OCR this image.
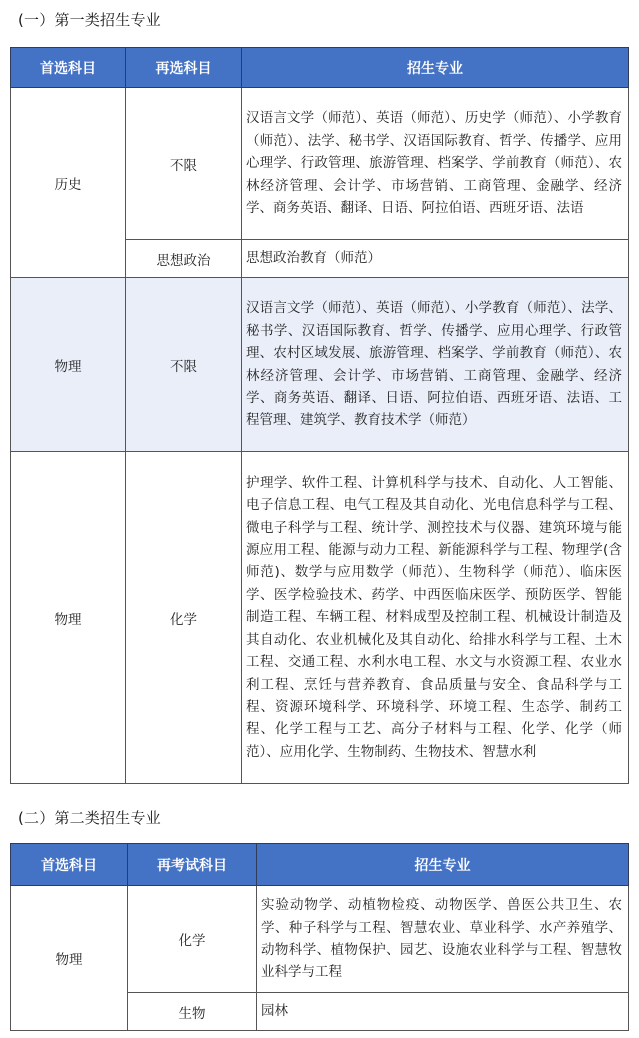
(一）第一类招生专业
首选科目	再选科目	招生专业
历史	不限	汉语言文学（师范）、英语（师范）、历史学（师范）、小学教育（师范）、法学、秘书学、汉语国际教育、哲学、传播学、应用心理学、行政管理、旅游管理、档案学、学前教育（师范）、农林经济管理、会计学、市场营销、工商管理、金融学、经济学、商务英语、翻译、日语、阿拉伯语、西班牙语、法语
	思想政治	思想政治教育（师范）
物理	不限	汉语言文学（师范）、英语（师范）、小学教育（师范）、法学、秘书学、汉语国际教育、哲学、传播学、应用心理学、行政管理、农村区域发展、旅游管理、档案学、学前教育（师范）、农林经济管理、会计学、市场营销、工商管理、金融学、经济学、商务英语、翻译、日语、阿拉伯语、西班牙语、法语、工程管理、建筑学、教育技术学（师范）
物理	化学	护理学、软件工程、计算机科学与技术、自动化、人工智能、电子信息工程、电气工程及其自动化、光电信息科学与工程、微电子科学与工程、统计学、测控技术与仪器、建筑环境与能源应用工程、能源与动力工程、新能源科学与工程、物理学(含师范)、数学与应用数学（师范）、生物科学（师范）、临床医学、医学检验技术、药学、中西医临床医学、预防医学、智能制造工程、车辆工程、材料成型及控制工程、机械设计制造及其自动化、农业机械化及其自动化、给排水科学与工程、土木工程、交通工程、水利水电工程、水文与水资源工程、农业水利工程、烹饪与营养教育、食品质量与安全、食品科学与工程、资源环境科学、环境科学、环境工程、生态学、制药工程、化学工程与工艺、高分子材料与工程、化学、化学（师范）、应用化学、生物制药、生物技术、智慧水利
(二）第二类招生专业
首选科目	再考试科目	招生专业
物理	化学	实验动物学、动植物检疫、动物医学、兽医公共卫生、农学、种子科学与工程、智慧农业、草业科学、水产养殖学、动物科学、植物保护、园艺、设施农业科学与工程、智慧牧业科学与工程
	生物	园林
